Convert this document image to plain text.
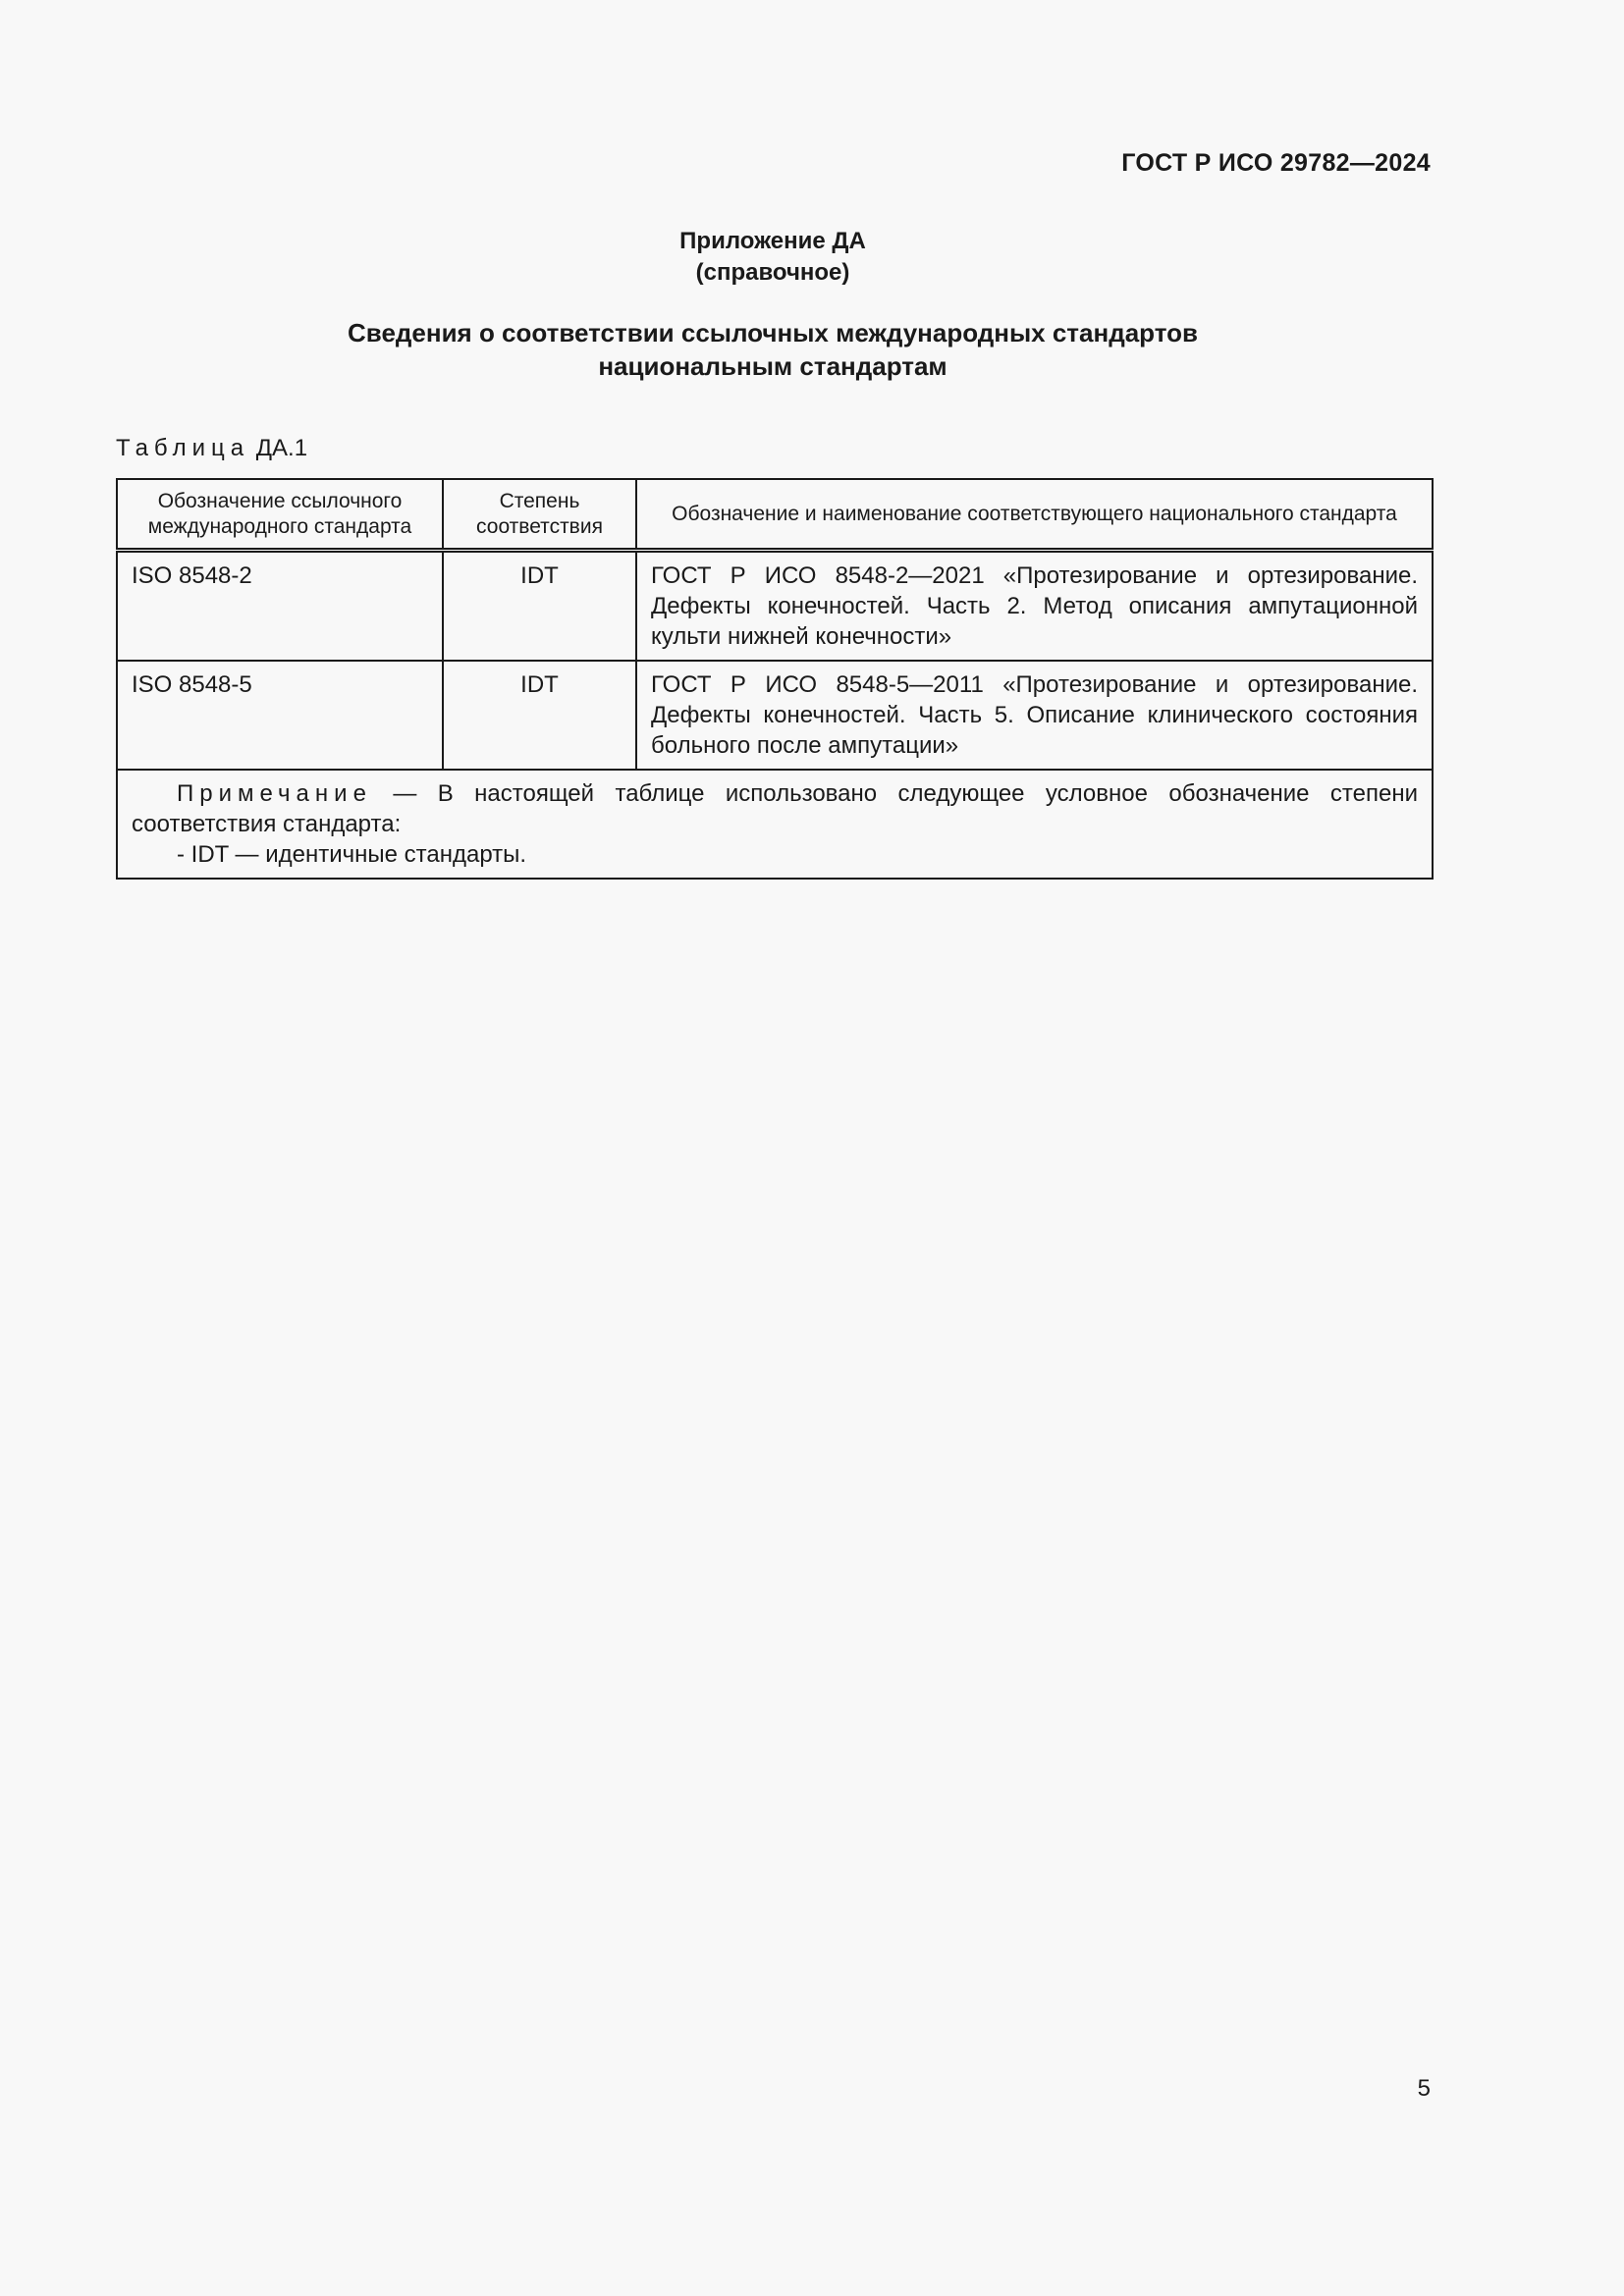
ГОСТ Р ИСО 29782—2024
Приложение ДА
(справочное)
Сведения о соответствии ссылочных международных стандартов
национальным стандартам
Таблица ДА.1
Обозначение ссылочного международного стандарта	Степень соответствия	Обозначение и наименование соответствующего национального стандарта
ISO 8548-2	IDT	ГОСТ Р ИСО 8548-2—2021 «Протезирование и ортезирование. Дефекты конечностей. Часть 2. Метод описания ампутационной культи нижней конечности»
ISO 8548-5	IDT	ГОСТ Р ИСО 8548-5—2011 «Протезирование и ортезирование. Дефекты конечностей. Часть 5. Описание клинического состояния больного после ампутации»

Примечание — В настоящей таблице использовано следующее условное обозначение степени соответствия стандарта:
- IDT — идентичные стандарты.		
5
